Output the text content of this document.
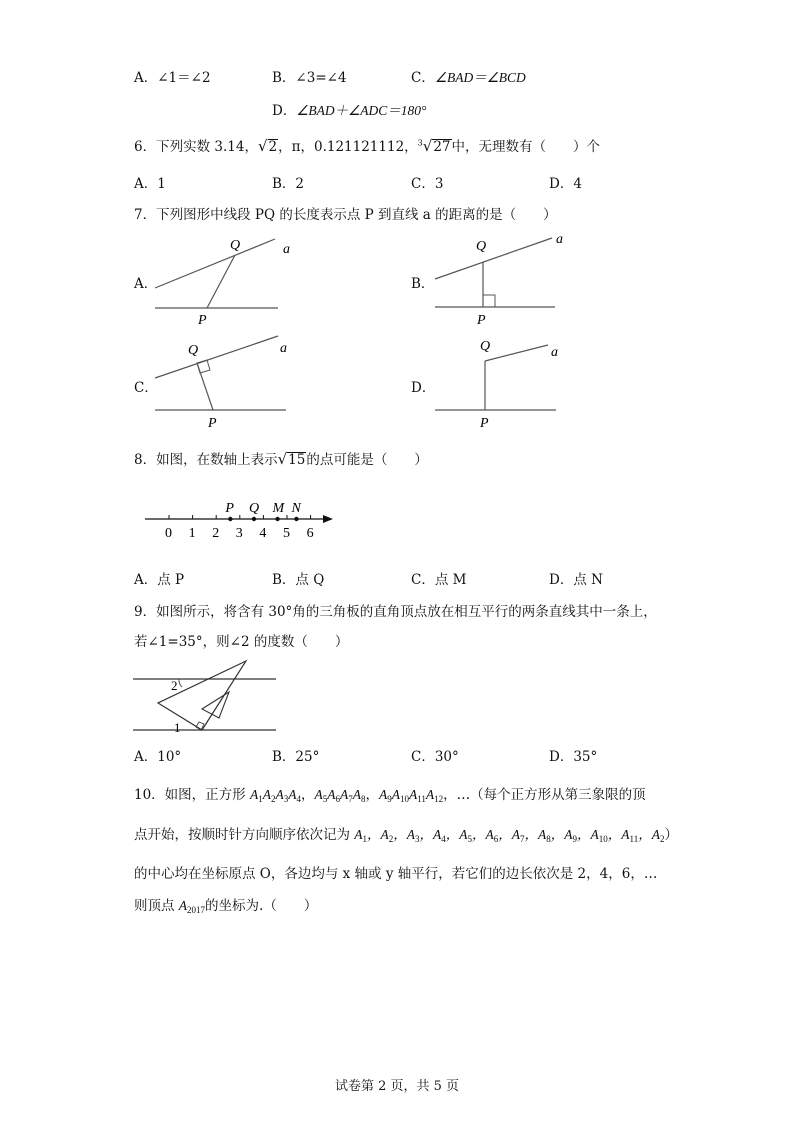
A．∠1＝∠2	B．∠3=∠4	C．∠BAD＝∠BCD
D．∠BAD＋∠ADC＝180°
6．下列实数 3.14，√2，π，0.121121112，$^3$√27中，无理数有（　　）个
A．1	B．2	C．3	D．4
7．下列图形中线段 PQ 的长度表示点 P 到直线 a 的距离的是（　　）
A．	B．
C．	D．
Q	a
P
Q	a
P
Q	a
P
Q	a
P
8．如图，在数轴上表示√15的点可能是（　　）
0 1 2 3 4 5 6
P Q M N
A．点 P	B．点 Q	C．点 M	D．点 N
9．如图所示，将含有 30°角的三角板的直角顶点放在相互平行的两条直线其中一条上，
若∠1=35°，则∠2 的度数（　　）
2
1
A．10°	B．25°	C．30°	D．35°
10．如图，正方形 $A_1A_2A_3A_4$，$A_5A_6A_7A_8$，$A_9A_{10}A_{11}A_{12}$，…（每个正方形从第三象限的顶
点开始，按顺时针方向顺序依次记为 $A_1$，$A_2$，$A_3$，$A_4$，$A_5$，$A_6$，$A_7$，$A_8$，$A_9$，$A_{10}$，$A_{11}$，$A_2$）
的中心均在坐标原点 O，各边均与 x 轴或 y 轴平行，若它们的边长依次是 2，4，6，…
则顶点 $A_{2017}$的坐标为.（　　）
试卷第 2 页，共 5 页
